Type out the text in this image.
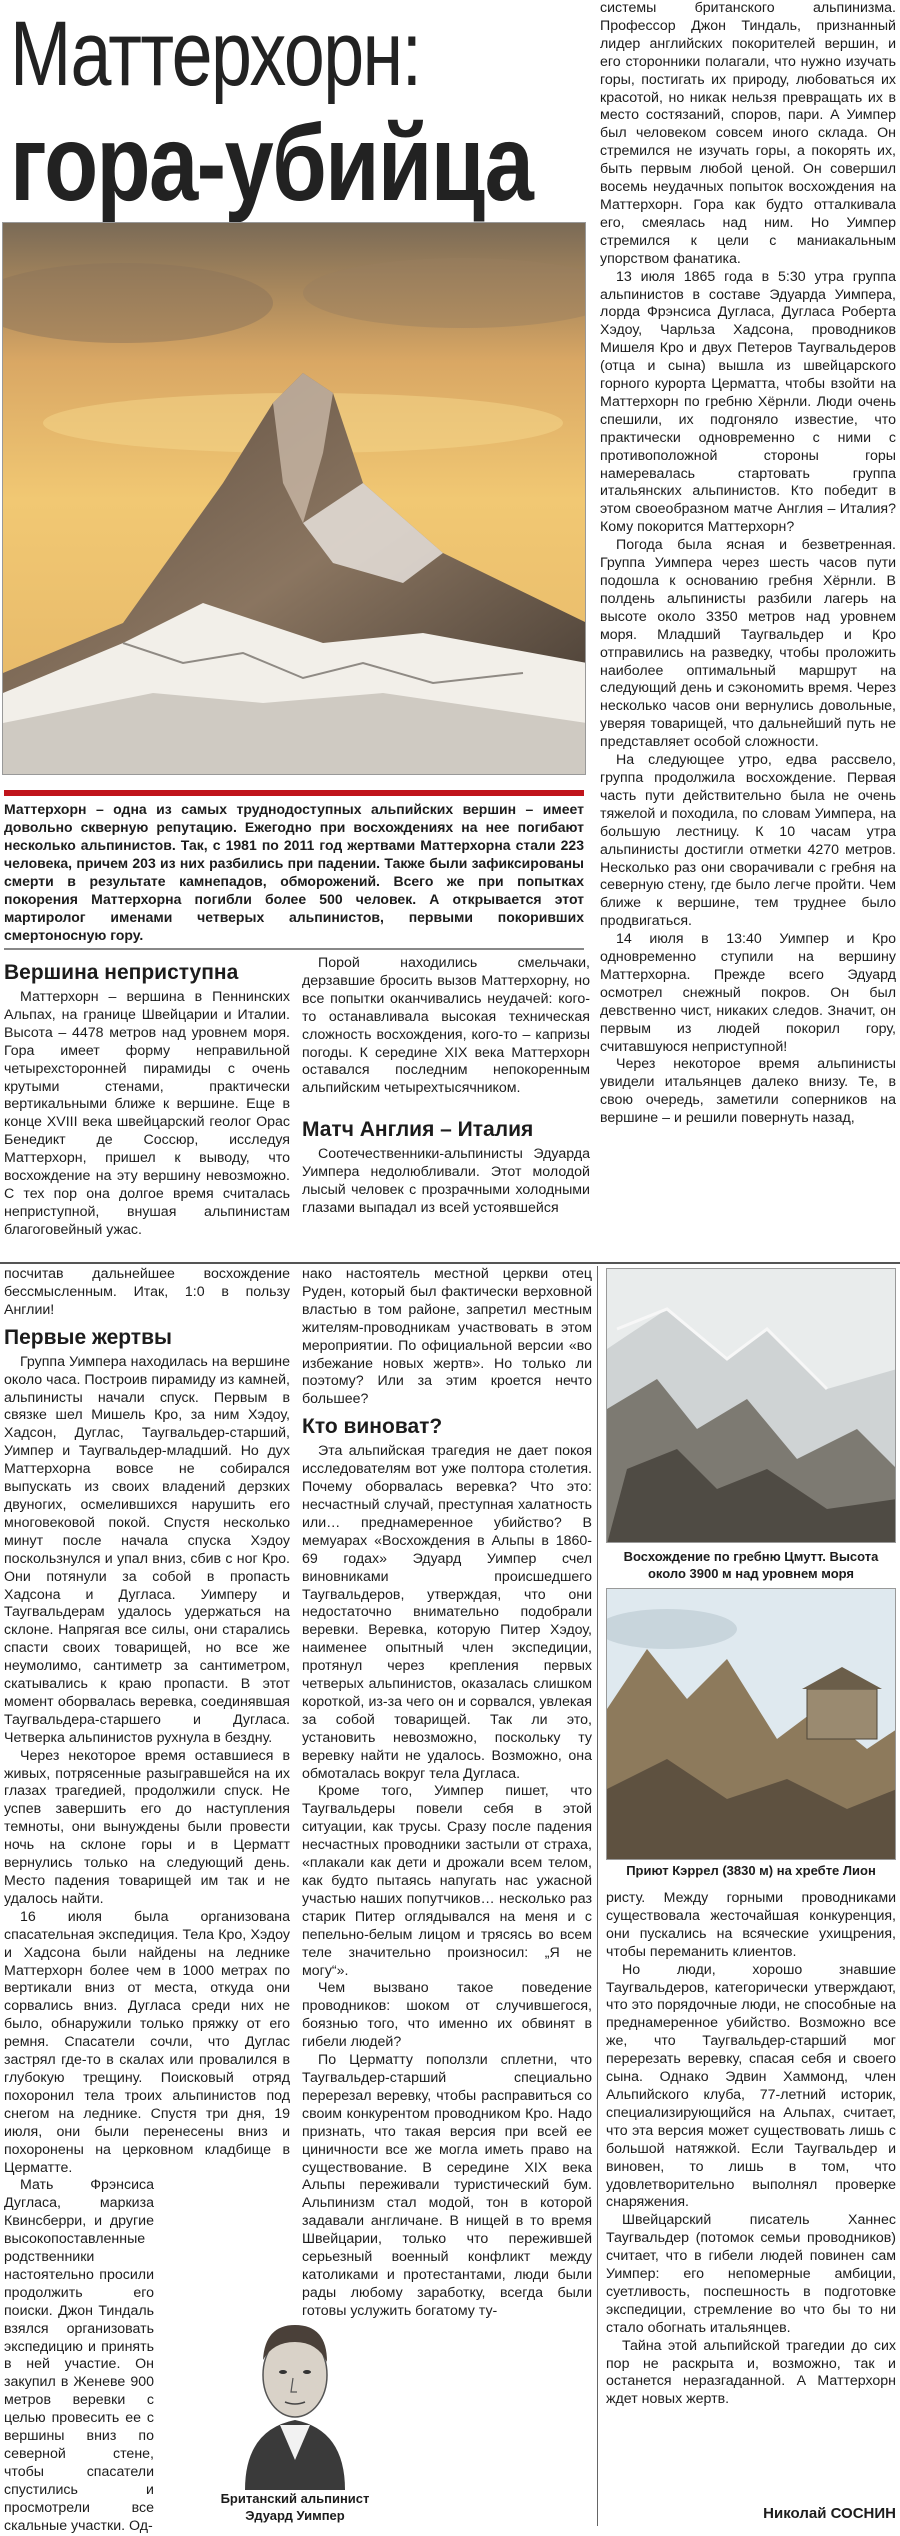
Маттерхорн:
гора-убийца

системы британского альпинизма. Профессор Джон Тиндаль, признанный лидер английских покорителей вершин, и его сторонники полагали, что нужно изучать горы, постигать их природу, любоваться их красотой, но никак нельзя превращать их в место состязаний, споров, пари. А Уимпер был человеком совсем иного склада. Он стремился не изучать горы, а покорять их, быть первым любой ценой. Он совершил восемь неудачных попыток восхождения на Маттерхорн. Гора как будто отталкивала его, смеялась над ним. Но Уимпер стремился к цели с маниакальным упорством фанатика.

13 июля 1865 года в 5:30 утра группа альпинистов в составе Эдуарда Уимпера, лорда Фрэнсиса Дугласа, Дугласа Роберта Хэдоу, Чарльза Хадсона, проводников Мишеля Кро и двух Петеров Таугвальдеров (отца и сына) вышла из швейцарского горного курорта Церматта, чтобы взойти на Маттерхорн по гребню Хёрнли. Люди очень спешили, их подгоняло известие, что практически одновременно с ними с противоположной стороны горы намеревалась стартовать группа итальянских альпинистов. Кто победит в этом своеобразном матче Англия – Италия? Кому покорится Маттерхорн?

Погода была ясная и безветренная. Группа Уимпера через шесть часов пути подошла к основанию гребня Хёрнли. В полдень альпинисты разбили лагерь на высоте около 3350 метров над уровнем моря. Младший Таугвальдер и Кро отправились на разведку, чтобы проложить наиболее оптимальный маршрут на следующий день и сэкономить время. Через несколько часов они вернулись довольные, уверяя товарищей, что дальнейший путь не представляет особой сложности.

На следующее утро, едва рассвело, группа продолжила восхождение. Первая часть пути действительно была не очень тяжелой и походила, по словам Уимпера, на большую лестницу. К 10 часам утра альпинисты достигли отметки 4270 метров. Несколько раз они сворачивали с гребня на северную стену, где было легче пройти. Чем ближе к вершине, тем труднее было продвигаться.

14 июля в 13:40 Уимпер и Кро одновременно ступили на вершину Маттерхорна. Прежде всего Эдуард осмотрел снежный покров. Он был девственно чист, никаких следов. Значит, он первым из людей покорил гору, считавшуюся неприступной!

Через некоторое время альпинисты увидели итальянцев далеко внизу. Те, в свою очередь, заметили соперников на вершине – и решили повернуть назад,

Маттерхорн – одна из самых труднодоступных альпийских вершин – имеет довольно скверную репутацию. Ежегодно при восхождениях на нее погибают несколько альпинистов. Так, с 1981 по 2011 год жертвами Маттерхорна стали 223 человека, причем 203 из них разбились при падении. Также были зафиксированы смерти в результате камнепадов, обморожений. Всего же при попытках покорения Маттерхорна погибли более 500 человек. А открывается этот мартиролог именами четверых альпинистов, первыми покоривших смертоносную гору.
Вершина неприступна

Маттерхорн – вершина в Пеннинских Альпах, на границе Швейцарии и Италии. Высота – 4478 метров над уровнем моря. Гора имеет форму неправильной четырехсторонней пирамиды с очень крутыми стенами, практически вертикальными ближе к вершине. Еще в конце XVIII века швейцарский геолог Орас Бенедикт де Соссюр, исследуя Маттерхорн, пришел к выводу, что восхождение на эту вершину невозможно. С тех пор она долгое время считалась неприступной, внушая альпинистам благоговейный ужас.

Порой находились смельчаки, дерзавшие бросить вызов Маттерхорну, но все попытки оканчивались неудачей: кого-то останавливала высокая техническая сложность восхождения, кого-то – капризы погоды. К середине XIX века Маттерхорн оставался последним непокоренным альпийским четырехтысячником.

Матч Англия – Италия

Соотечественники-альпинисты Эдуарда Уимпера недолюбливали. Этот молодой лысый человек с прозрачными холодными глазами выпадал из всей устоявшейся

посчитав дальнейшее восхождение бессмысленным. Итак, 1:0 в пользу Англии!

Первые жертвы

Группа Уимпера находилась на вершине около часа. Построив пирамиду из камней, альпинисты начали спуск. Первым в связке шел Мишель Кро, за ним Хэдоу, Хадсон, Дуглас, Таугвальдер-старший, Уимпер и Таугвальдер-младший. Но дух Маттерхорна вовсе не собирался выпускать из своих владений дерзких двуногих, осмелившихся нарушить его многовековой покой. Спустя несколько минут после начала спуска Хэдоу поскользнулся и упал вниз, сбив с ног Кро. Они потянули за собой в пропасть Хадсона и Дугласа. Уимперу и Таугвальдерам удалось удержаться на склоне. Напрягая все силы, они старались спасти своих товарищей, но все же неумолимо, сантиметр за сантиметром, скатывались к краю пропасти. В этот момент оборвалась веревка, соединявшая Таугвальдера-старшего и Дугласа. Четверка альпинистов рухнула в бездну.

Через некоторое время оставшиеся в живых, потрясенные разыгравшейся на их глазах трагедией, продолжили спуск. Не успев завершить его до наступления темноты, они вынуждены были провести ночь на склоне горы и в Церматт вернулись только на следующий день. Место падения товарищей им так и не удалось найти.

16 июля была организована спасательная экспедиция. Тела Кро, Хэдоу и Хадсона были найдены на леднике Маттерхорн более чем в 1000 метрах по вертикали вниз от места, откуда они сорвались вниз. Дугласа среди них не было, обнаружили только пряжку от его ремня. Спасатели сочли, что Дуглас застрял где-то в скалах или провалился в глубокую трещину. Поисковый отряд похоронил тела троих альпинистов под снегом на леднике. Спустя три дня, 19 июля, они были перенесены вниз и похоронены на церковном кладбище в Церматте.

Мать Фрэнсиса Дугласа, маркиза Квинсберри, и другие высокопоставленные родственники настоятельно просили продолжить его поиски. Джон Тиндаль взялся организовать экспедицию и принять в ней участие. Он закупил в Женеве 900 метров веревки с целью провесить ее с вершины вниз по северной стене, чтобы спасатели спустились и просмотрели все скальные участки. Од-

Британский альпинист
Эдуард Уимпер

нако настоятель местной церкви отец Руден, который был фактически верховной властью в том районе, запретил местным жителям-проводникам участвовать в этом мероприятии. По официальной версии «во избежание новых жертв». Но только ли поэтому? Или за этим кроется нечто большее?

Кто виноват?

Эта альпийская трагедия не дает покоя исследователям вот уже полтора столетия. Почему оборвалась веревка? Что это: несчастный случай, преступная халатность или… преднамеренное убийство? В мемуарах «Восхождения в Альпы в 1860-69 годах» Эдуард Уимпер счел виновниками происшедшего Таугвальдеров, утверждая, что они недостаточно внимательно подобрали веревки. Веревка, которую Питер Хэдоу, наименее опытный член экспедиции, протянул через крепления первых четверых альпинистов, оказалась слишком короткой, из-за чего он и сорвался, увлекая за собой товарищей. Так ли это, установить невозможно, поскольку ту веревку найти не удалось. Возможно, она обмоталась вокруг тела Дугласа.

Кроме того, Уимпер пишет, что Таугвальдеры повели себя в этой ситуации, как трусы. Сразу после падения несчастных проводники застыли от страха, «плакали как дети и дрожали всем телом, как будто пытаясь напугать нас ужасной участью наших попутчиков… несколько раз старик Питер оглядывался на меня и с пепельно-белым лицом и трясясь во всем теле значительно произносил: „Я не могу“».

Чем вызвано такое поведение проводников: шоком от случившегося, боязнью того, что именно их обвинят в гибели людей?

По Церматту поползли сплетни, что Таугвальдер-старший специально перерезал веревку, чтобы расправиться со своим конкурентом проводником Кро. Надо признать, что такая версия при всей ее циничности все же могла иметь право на существование. В середине XIX века Альпы переживали туристический бум. Альпинизм стал модой, тон в которой задавали англичане. В нищей в то время Швейцарии, только что пережившей серьезный военный конфликт между католиками и протестантами, люди были рады любому заработку, всегда были готовы услужить богатому ту-

Восхождение по гребню Цмутт. Высота около 3900 м над уровнем моря
Приют Кэррел (3830 м) на хребте Лион

ристу. Между горными проводниками существовала жесточайшая конкуренция, они пускались на всяческие ухищрения, чтобы переманить клиентов.

Но люди, хорошо знавшие Таугвальдеров, категорически утверждают, что это порядочные люди, не способные на преднамеренное убийство. Возможно все же, что Таугвальдер-старший мог перерезать веревку, спасая себя и своего сына. Однако Эдвин Хаммонд, член Альпийского клуба, 77-летний историк, специализирующийся на Альпах, считает, что эта версия может существовать лишь с большой натяжкой. Если Таугвальдер и виновен, то лишь в том, что удовлетворительно выполнял проверке снаряжения.

Швейцарский писатель Ханнес Таугвальдер (потомок семьи проводников) считает, что в гибели людей повинен сам Уимпер: его непомерные амбиции, суетливость, поспешность в подготовке экспедиции, стремление во что бы то ни стало обогнать итальянцев.

Тайна этой альпийской трагедии до сих пор не раскрыта и, возможно, так и останется неразгаданной. А Маттерхорн ждет новых жертв.

Николай СОСНИН
